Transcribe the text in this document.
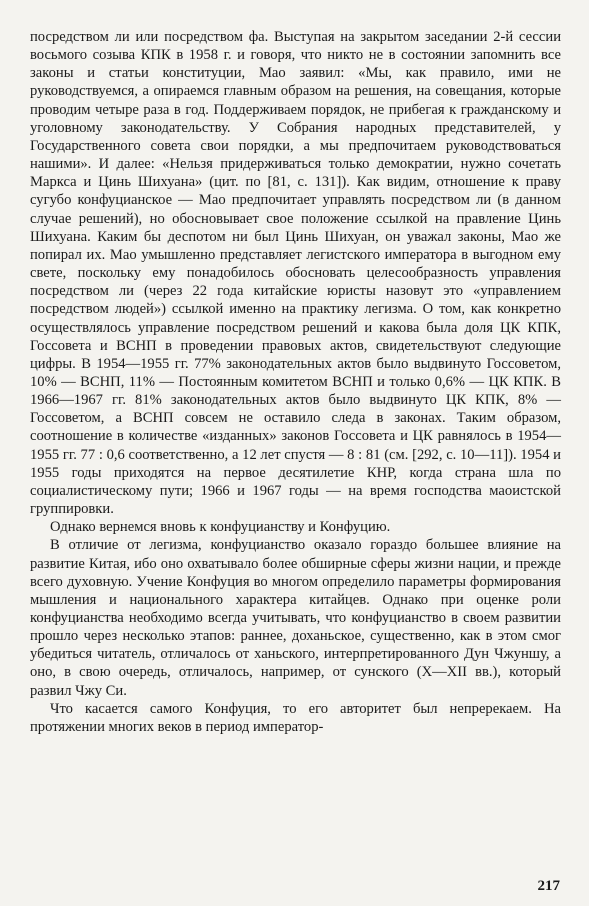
посредством ли или посредством фа. Выступая на закрытом заседании 2-й сессии восьмого созыва КПК в 1958 г. и говоря, что никто не в состоянии запомнить все законы и статьи конституции, Мао заявил: «Мы, как правило, ими не руководствуемся, а опираемся главным образом на решения, на совещания, которые проводим четыре раза в год. Поддерживаем порядок, не прибегая к гражданскому и уголовному законодательству. У Собрания народных представителей, у Государственного совета свои порядки, а мы предпочитаем руководствоваться нашими». И далее: «Нельзя придерживаться только демократии, нужно сочетать Маркса и Цинь Шихуана» (цит. по [81, с. 131]). Как видим, отношение к праву сугубо конфуцианское — Мао предпочитает управлять посредством ли (в данном случае решений), но обосновывает свое положение ссылкой на правление Цинь Шихуана. Каким бы деспотом ни был Цинь Шихуан, он уважал законы, Мао же попирал их. Мао умышленно представляет легистского императора в выгодном ему свете, поскольку ему понадобилось обосновать целесообразность управления посредством ли (через 22 года китайские юристы назовут это «управлением посредством людей») ссылкой именно на практику легизма. О том, как конкретно осуществлялось управление посредством решений и какова была доля ЦК КПК, Госсовета и ВСНП в проведении правовых актов, свидетельствуют следующие цифры. В 1954—1955 гг. 77% законодательных актов было выдвинуто Госсоветом, 10% — ВСНП, 11% — Постоянным комитетом ВСНП и только 0,6% — ЦК КПК. В 1966—1967 гг. 81% законодательных актов было выдвинуто ЦК КПК, 8% — Госсоветом, а ВСНП совсем не оставило следа в законах. Таким образом, соотношение в количестве «изданных» законов Госсовета и ЦК равнялось в 1954—1955 гг. 77 : 0,6 соответственно, а 12 лет спустя — 8 : 81 (см. [292, с. 10—11]). 1954 и 1955 годы приходятся на первое десятилетие КНР, когда страна шла по социалистическому пути; 1966 и 1967 годы — на время господства маоистской группировки.

Однако вернемся вновь к конфуцианству и Конфуцию.

В отличие от легизма, конфуцианство оказало гораздо большее влияние на развитие Китая, ибо оно охватывало более обширные сферы жизни нации, и прежде всего духовную. Учение Конфуция во многом определило параметры формирования мышления и национального характера китайцев. Однако при оценке роли конфуцианства необходимо всегда учитывать, что конфуцианство в своем развитии прошло через несколько этапов: раннее, доханьское, существенно, как в этом смог убедиться читатель, отличалось от ханьского, интерпретированного Дун Чжуншу, а оно, в свою очередь, отличалось, например, от сунского (X—XII вв.), который развил Чжу Си.

Что касается самого Конфуция, то его авторитет был непререкаем. На протяжении многих веков в период император-

217
